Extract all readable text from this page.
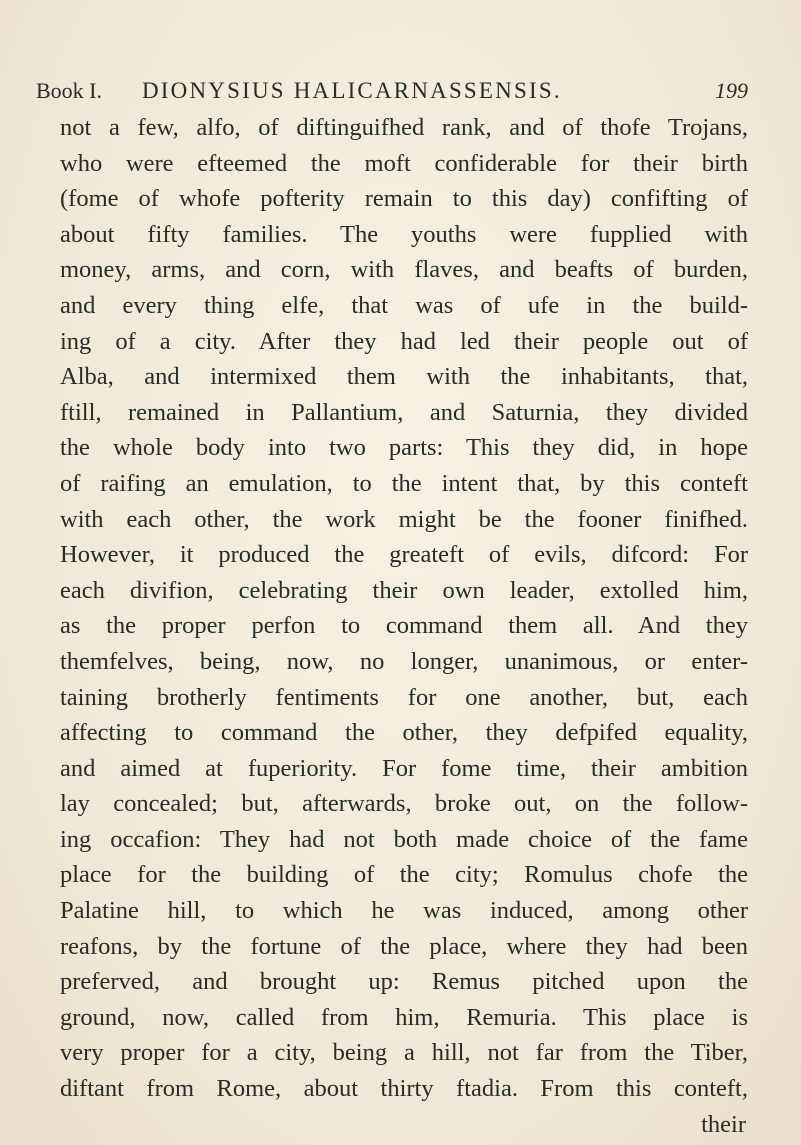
Book I. DIONYSIUS HALICARNASSENSIS.	199
not a few, alfo, of diftinguifhed rank, and of thofe Trojans,
who were efteemed the moft confiderable for their birth
(fome of whofe pofterity remain to this day) confifting of
about fifty families. The youths were fupplied with
money, arms, and corn, with flaves, and beafts of burden,
and every thing elfe, that was of ufe in the build-
ing of a city. After they had led their people out of
Alba, and intermixed them with the inhabitants, that,
ftill, remained in Pallantium, and Saturnia, they divided
the whole body into two parts: This they did, in hope
of raifing an emulation, to the intent that, by this conteft
with each other, the work might be the fooner finifhed.
However, it produced the greateft of evils, difcord: For
each divifion, celebrating their own leader, extolled him,
as the proper perfon to command them all. And they
themfelves, being, now, no longer, unanimous, or enter-
taining brotherly fentiments for one another, but, each
affecting to command the other, they defpifed equality,
and aimed at fuperiority. For fome time, their ambition
lay concealed; but, afterwards, broke out, on the follow-
ing occafion: They had not both made choice of the fame
place for the building of the city; Romulus chofe the
Palatine hill, to which he was induced, among other
reafons, by the fortune of the place, where they had been
preferved, and brought up: Remus pitched upon the
ground, now, called from him, Remuria. This place is
very proper for a city, being a hill, not far from the Tiber,
diftant from Rome, about thirty ftadia. From this conteft,
their
